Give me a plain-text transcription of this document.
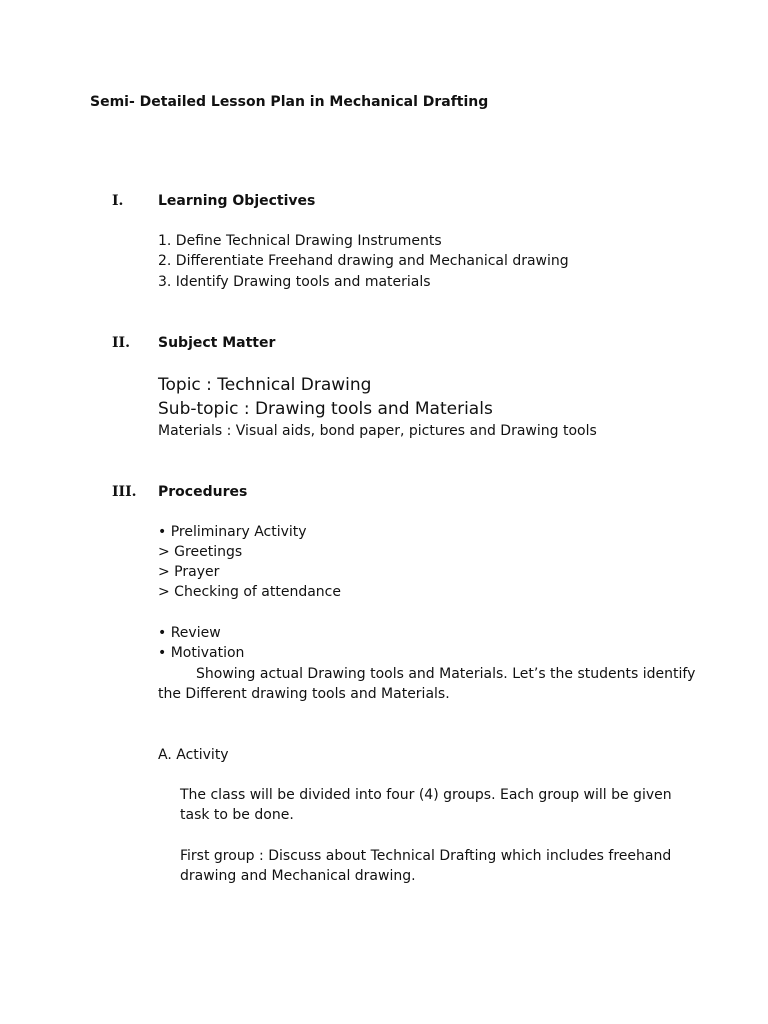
Semi- Detailed Lesson Plan in Mechanical Drafting
I. Learning Objectives
1. Define Technical Drawing Instruments
2. Differentiate Freehand drawing and Mechanical drawing
3. Identify Drawing tools and materials
II. Subject Matter
Topic : Technical Drawing
Sub-topic : Drawing tools and Materials
Materials : Visual aids, bond paper, pictures and Drawing tools
III. Procedures
• Preliminary Activity
> Greetings
> Prayer
> Checking of attendance
• Review
• Motivation
Showing actual Drawing tools and Materials. Let’s the students identify
the Different drawing tools and Materials.
A. Activity
The class will be divided into four (4) groups. Each group will be given
task to be done.
First group : Discuss about Technical Drafting which includes freehand
drawing and Mechanical drawing.
